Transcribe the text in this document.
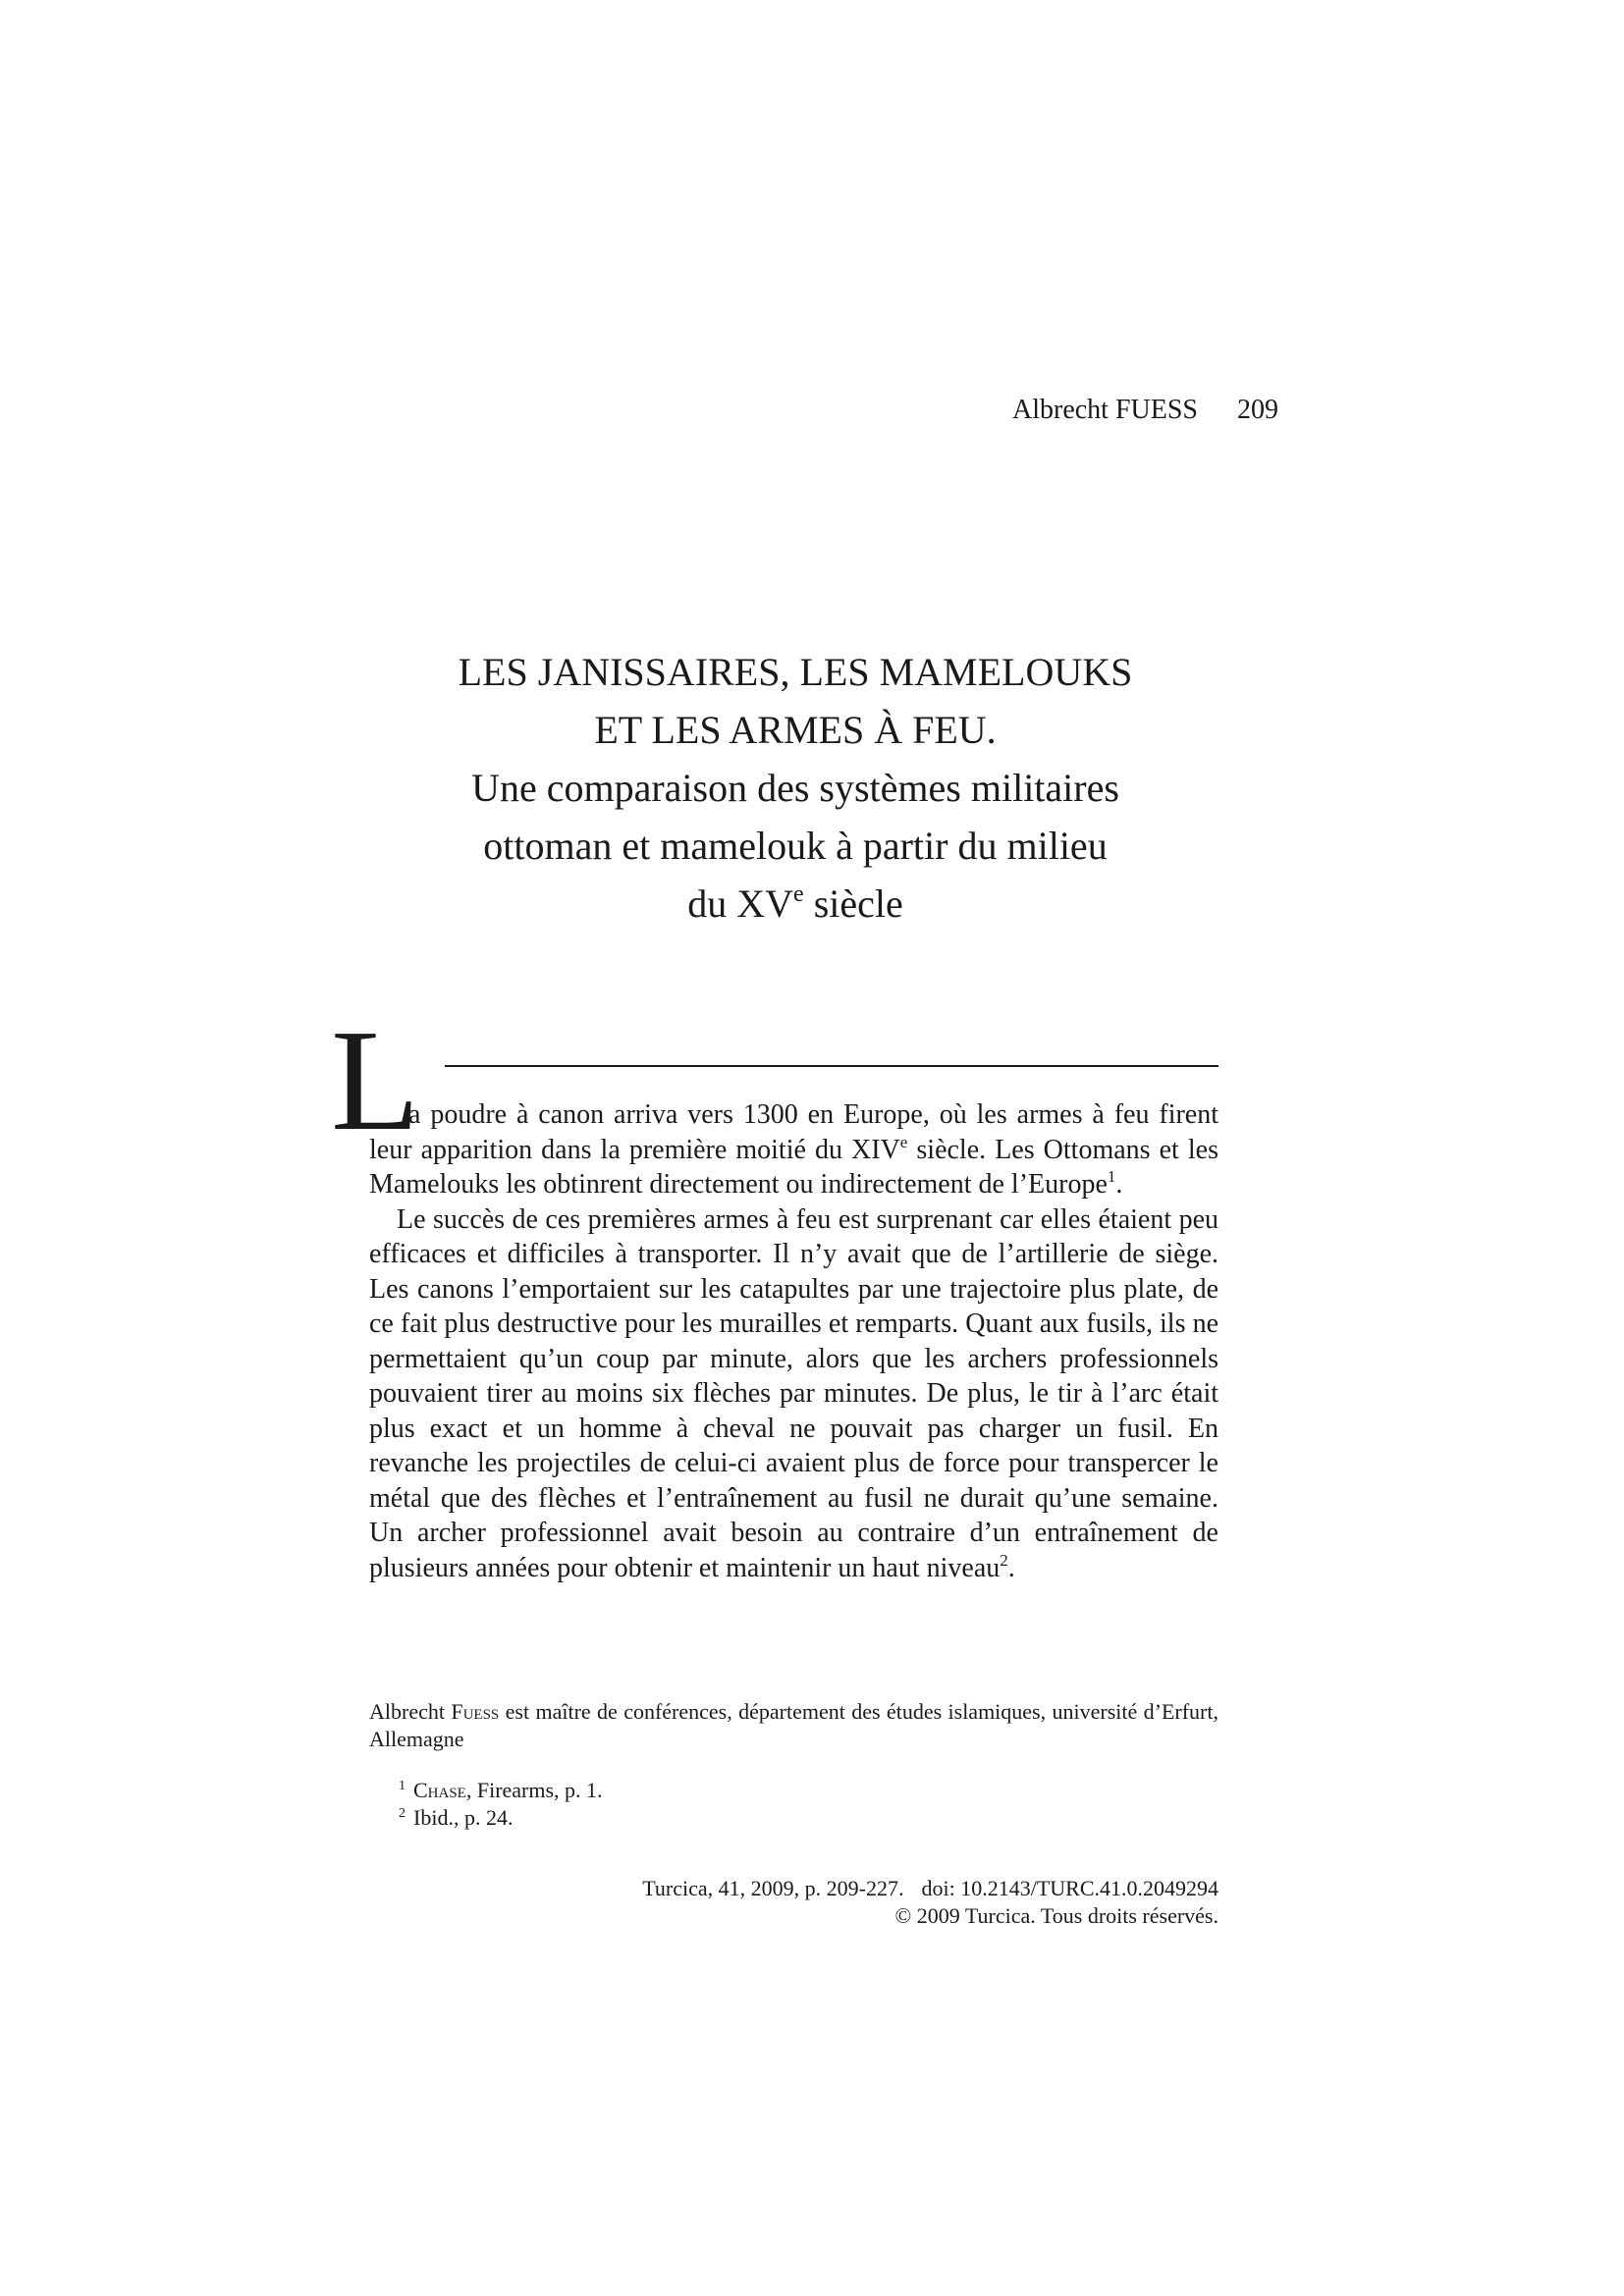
Albrecht FUESS 209
LES JANISSAIRES, LES MAMELOUKS
ET LES ARMES À FEU.
Une comparaison des systèmes militaires
ottoman et mamelouk à partir du milieu
du XVe siècle
L

a poudre à canon arriva vers 1300 en Europe, où les armes à feu firent leur apparition dans la première moitié du XIVe siècle. Les Ottomans et les Mamelouks les obtinrent directement ou indirectement de l’Europe$^1$.

Le succès de ces premières armes à feu est surprenant car elles étaient peu efficaces et difficiles à transporter. Il n’y avait que de l’artillerie de siège. Les canons l’emportaient sur les catapultes par une trajectoire plus plate, de ce fait plus destructive pour les murailles et remparts. Quant aux fusils, ils ne permettaient qu’un coup par minute, alors que les archers professionnels pouvaient tirer au moins six flèches par minutes. De plus, le tir à l’arc était plus exact et un homme à cheval ne pouvait pas charger un fusil. En revanche les projectiles de celui-ci avaient plus de force pour transpercer le métal que des flèches et l’entraînement au fusil ne durait qu’une semaine. Un archer professionnel avait besoin au contraire d’un entraînement de plusieurs années pour obtenir et maintenir un haut niveau$^2$.

Albrecht Fuess est maître de conférences, département des études islamiques, université d’Erfurt, Allemagne
$^1$ Chase, Firearms, p. 1.
$^2$ Ibid., p. 24.
Turcica, 41, 2009, p. 209-227. doi: 10.2143/TURC.41.0.2049294
© 2009 Turcica. Tous droits réservés.
